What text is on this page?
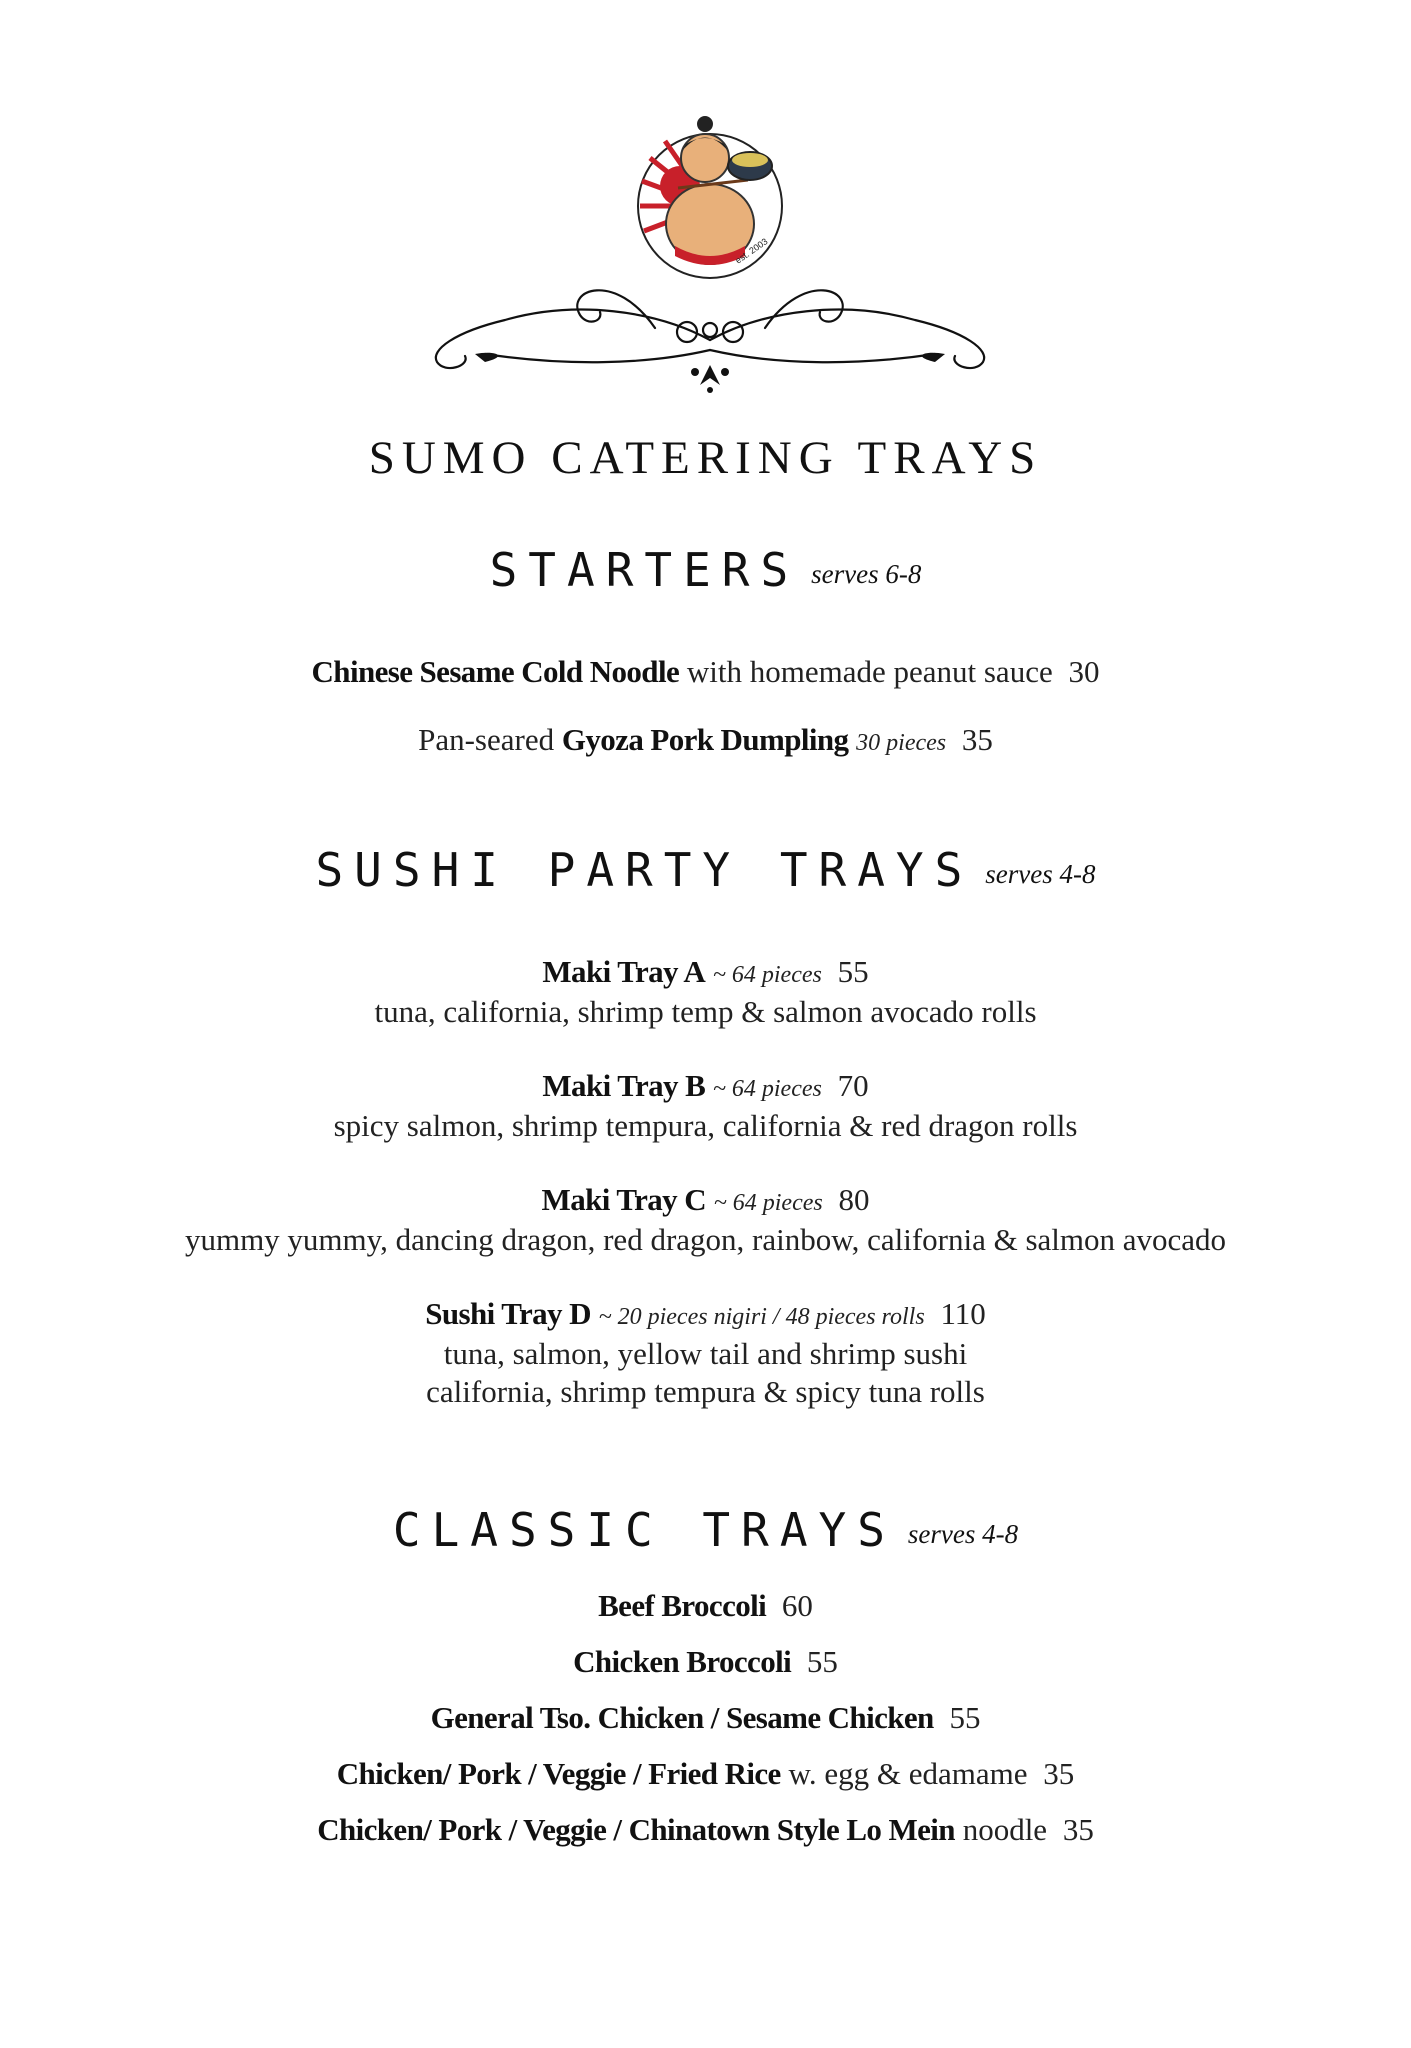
est. 2003
SUMO CATERING TRAYS
STARTERS serves 6-8
Chinese Sesame Cold Noodle with homemade peanut sauce 30
Pan-seared Gyoza Pork Dumpling 30 pieces 35
SUSHI PARTY TRAYS serves 4-8
Maki Tray A ~ 64 pieces 55
tuna, california, shrimp temp & salmon avocado rolls
Maki Tray B ~ 64 pieces 70
spicy salmon, shrimp tempura, california & red dragon rolls
Maki Tray C ~ 64 pieces 80
yummy yummy, dancing dragon, red dragon, rainbow, california & salmon avocado
Sushi Tray D ~ 20 pieces nigiri / 48 pieces rolls 110
tuna, salmon, yellow tail and shrimp sushi
california, shrimp tempura & spicy tuna rolls
CLASSIC TRAYS serves 4-8
Beef Broccoli 60
Chicken Broccoli 55
General Tso. Chicken / Sesame Chicken 55
Chicken/ Pork / Veggie / Fried Rice w. egg & edamame 35
Chicken/ Pork / Veggie / Chinatown Style Lo Mein noodle 35
